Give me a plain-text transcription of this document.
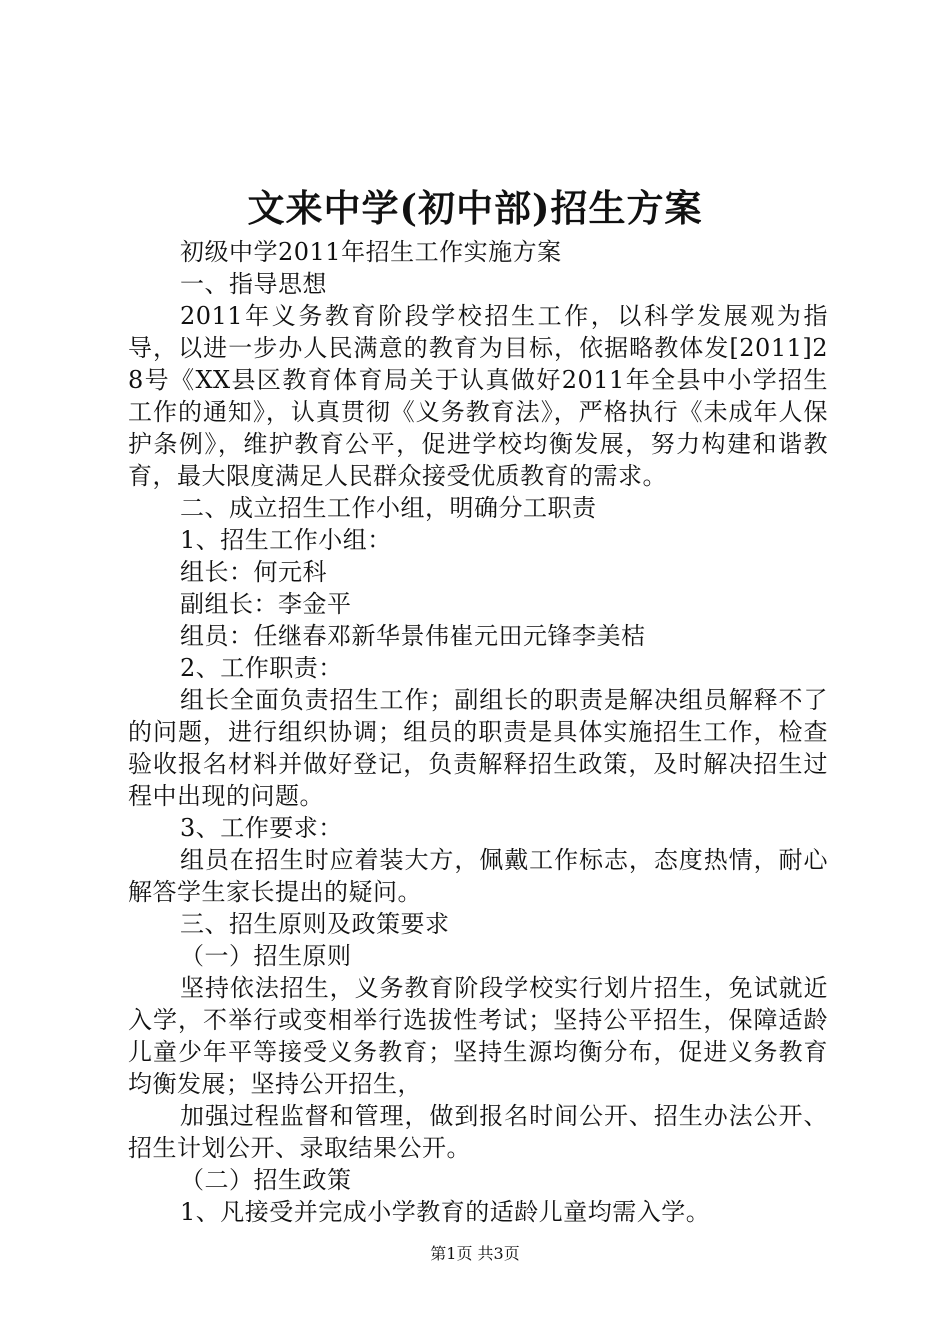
文来中学(初中部)招生方案

初级中学2011年招生工作实施方案

一、指导思想

2011年义务教育阶段学校招生工作，以科学发展观为指导，以进一步办人民满意的教育为目标，依据略教体发[2011]28号《XX县区教育体育局关于认真做好2011年全县中小学招生工作的通知》，认真贯彻《义务教育法》，严格执行《未成年人保护条例》，维护教育公平，促进学校均衡发展，努力构建和谐教育，最大限度满足人民群众接受优质教育的需求。

二、成立招生工作小组，明确分工职责

1、招生工作小组：

组长：何元科

副组长：李金平

组员：任继春邓新华景伟崔元田元锋李美桔

2、工作职责：

组长全面负责招生工作；副组长的职责是解决组员解释不了的问题，进行组织协调；组员的职责是具体实施招生工作，检查验收报名材料并做好登记，负责解释招生政策，及时解决招生过程中出现的问题。

3、工作要求：

组员在招生时应着装大方，佩戴工作标志，态度热情，耐心解答学生家长提出的疑问。

三、招生原则及政策要求

（一）招生原则

坚持依法招生，义务教育阶段学校实行划片招生，免试就近入学，不举行或变相举行选拔性考试；坚持公平招生，保障适龄儿童少年平等接受义务教育；坚持生源均衡分布，促进义务教育均衡发展；坚持公开招生，

加强过程监督和管理，做到报名时间公开、招生办法公开、招生计划公开、录取结果公开。

（二）招生政策

1、凡接受并完成小学教育的适龄儿童均需入学。

第1页 共3页
